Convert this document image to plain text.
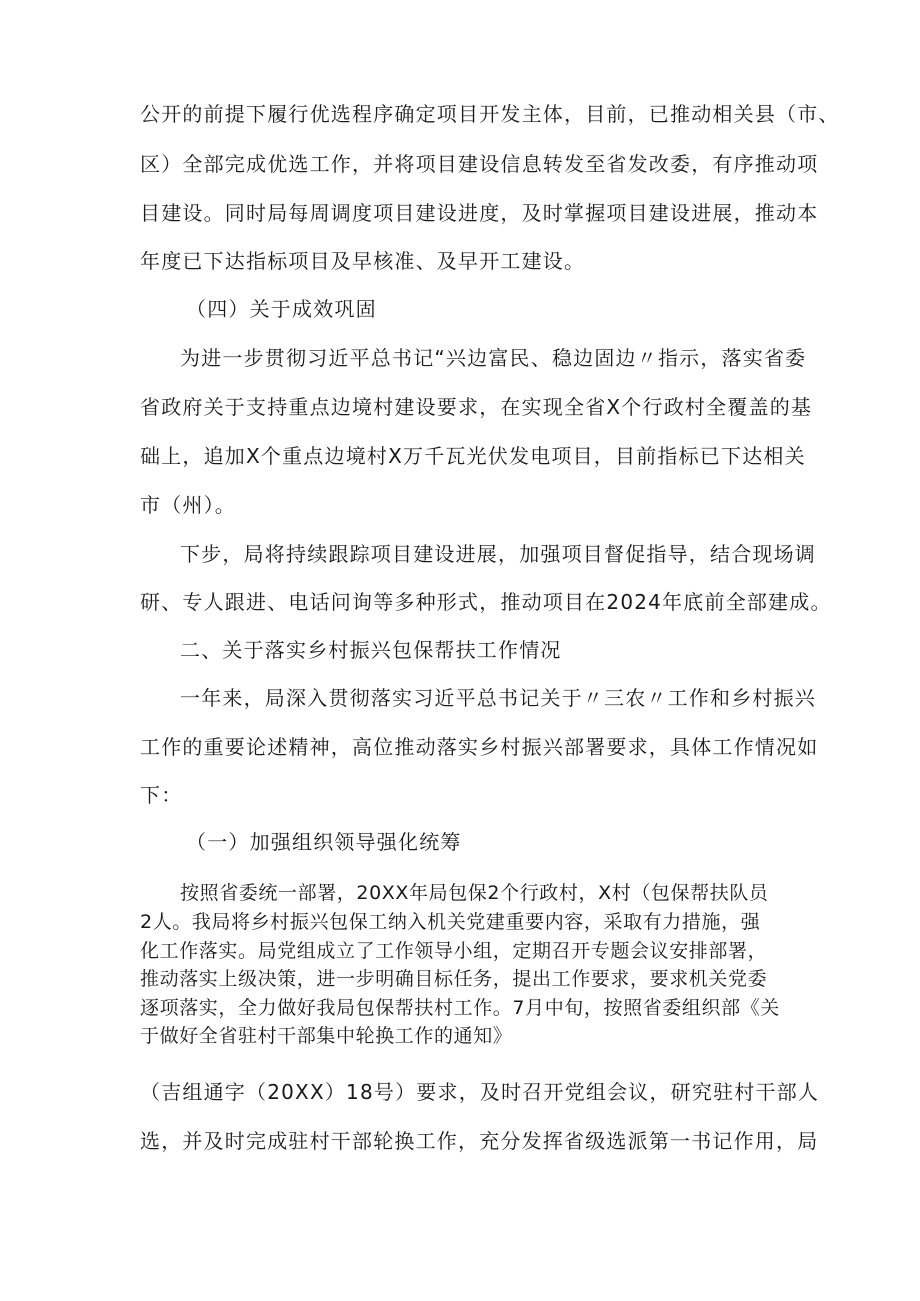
公开的前提下履行优选程序确定项目开发主体，目前，已推动相关县（市、
区）全部完成优选工作，并将项目建设信息转发至省发改委，有序推动项
目建设。同时局每周调度项目建设进度，及时掌握项目建设进展，推动本
年度已下达指标项目及早核准、及早开工建设。
（四）关于成效巩固
为进一步贯彻习近平总书记“兴边富民、稳边固边〃指示，落实省委
省政府关于支持重点边境村建设要求，在实现全省X个行政村全覆盖的基
础上，追加X个重点边境村X万千瓦光伏发电项目，目前指标已下达相关
市（州）。
下步，局将持续跟踪项目建设进展，加强项目督促指导，结合现场调
研、专人跟进、电话问询等多种形式，推动项目在2024年底前全部建成。
二、关于落实乡村振兴包保帮扶工作情况
一年来，局深入贯彻落实习近平总书记关于〃三农〃工作和乡村振兴
工作的重要论述精神，高位推动落实乡村振兴部署要求，具体工作情况如
下：
（一）加强组织领导强化统筹
按照省委统一部署，20XX年局包保2个行政村，X村（包保帮扶队员
2人。我局将乡村振兴包保工纳入机关党建重要内容，采取有力措施，强
化工作落实。局党组成立了工作领导小组，定期召开专题会议安排部署，
推动落实上级决策，进一步明确目标任务，提出工作要求，要求机关党委
逐项落实，全力做好我局包保帮扶村工作。7月中旬，按照省委组织部《关
于做好全省驻村干部集中轮换工作的通知》
（吉组通字（20XX）18号）要求，及时召开党组会议，研究驻村干部人
选，并及时完成驻村干部轮换工作，充分发挥省级选派第一书记作用，局
